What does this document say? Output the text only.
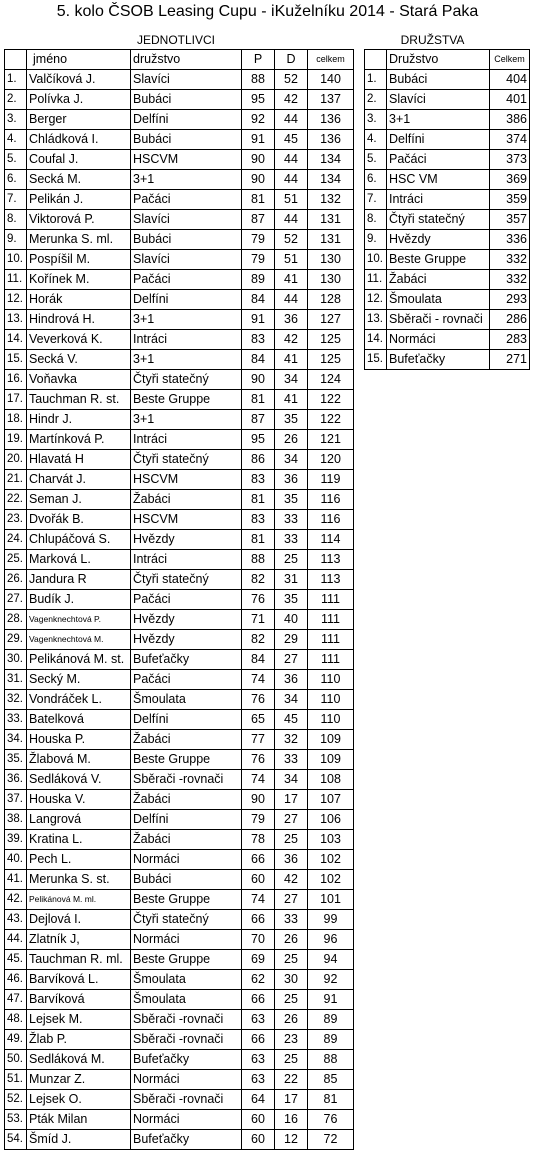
5. kolo ČSOB Leasing Cupu - iKuželníku 2014 - Stará Paka
JEDNOTLIVCI	DRUŽSTVA
	jméno	družstvo	P	D	celkem
1.	Valčíková J.	Slavíci	88	52	140
2.	Polívka J.	Bubáci	95	42	137
3.	Berger	Delfíni	92	44	136
4.	Chládková I.	Bubáci	91	45	136
5.	Coufal J.	HSCVM	90	44	134
6.	Secká M.	3+1	90	44	134
7.	Pelikán J.	Pačáci	81	51	132
8.	Viktorová P.	Slavíci	87	44	131
9.	Merunka S. ml.	Bubáci	79	52	131
10.	Pospíšil M.	Slavíci	79	51	130
11.	Kořínek M.	Pačáci	89	41	130
12.	Horák	Delfíni	84	44	128
13.	Hindrová H.	3+1	91	36	127
14.	Veverková K.	Intráci	83	42	125
15.	Secká V.	3+1	84	41	125
16.	Voňavka	Čtyři statečný	90	34	124
17.	Tauchman R. st.	Beste Gruppe	81	41	122
18.	Hindr J.	3+1	87	35	122
19.	Martínková P.	Intráci	95	26	121
20.	Hlavatá H	Čtyři statečný	86	34	120
21.	Charvát J.	HSCVM	83	36	119
22.	Seman J.	Žabáci	81	35	116
23.	Dvořák B.	HSCVM	83	33	116
24.	Chlupáčová S.	Hvězdy	81	33	114
25.	Marková L.	Intráci	88	25	113
26.	Jandura R	Čtyři statečný	82	31	113
27.	Budík J.	Pačáci	76	35	111
28.	Vagenknechtová P.	Hvězdy	71	40	111
29.	Vagenknechtová M.	Hvězdy	82	29	111
30.	Pelikánová M. st.	Bufeťačky	84	27	111
31.	Secký M.	Pačáci	74	36	110
32.	Vondráček L.	Šmoulata	76	34	110
33.	Batelková	Delfíni	65	45	110
34.	Houska P.	Žabáci	77	32	109
35.	Žlabová M.	Beste Gruppe	76	33	109
36.	Sedláková V.	Sběrači -rovnači	74	34	108
37.	Houska V.	Žabáci	90	17	107
38.	Langrová	Delfíni	79	27	106
39.	Kratina L.	Žabáci	78	25	103
40.	Pech L.	Normáci	66	36	102
41.	Merunka S. st.	Bubáci	60	42	102
42.	Pelikánová M. ml.	Beste Gruppe	74	27	101
43.	Dejlová I.	Čtyři statečný	66	33	99
44.	Zlatník J,	Normáci	70	26	96
45.	Tauchman R. ml.	Beste Gruppe	69	25	94
46.	Barvíková L.	Šmoulata	62	30	92
47.	Barvíková	Šmoulata	66	25	91
48.	Lejsek M.	Sběrači -rovnači	63	26	89
49.	Žlab P.	Sběrači -rovnači	66	23	89
50.	Sedláková M.	Bufeťačky	63	25	88
51.	Munzar Z.	Normáci	63	22	85
52.	Lejsek O.	Sběrači -rovnači	64	17	81
53.	Pták Milan	Normáci	60	16	76
54.	Šmíd J.	Bufeťačky	60	12	72
	Družstvo	Celkem
1.	Bubáci	404
2.	Slavíci	401
3.	3+1	386
4.	Delfíni	374
5.	Pačáci	373
6.	HSC VM	369
7.	Intráci	359
8.	Čtyři statečný	357
9.	Hvězdy	336
10.	Beste Gruppe	332
11.	Žabáci	332
12.	Šmoulata	293
13.	Sběrači - rovnači	286
14.	Normáci	283
15.	Bufeťačky	271
